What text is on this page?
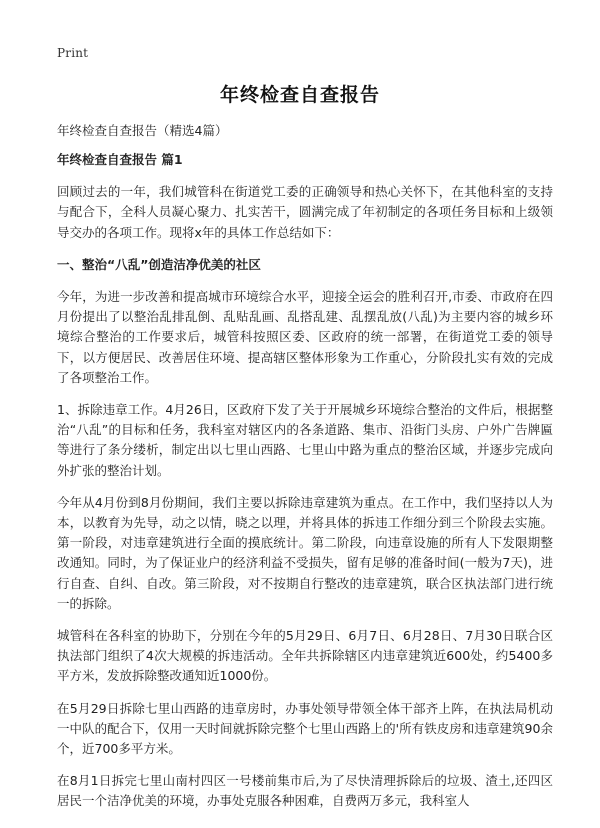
Print
年终检查自查报告
年终检查自查报告（精选4篇）

年终检查自查报告 篇1

回顾过去的一年，我们城管科在街道党工委的正确领导和热心关怀下，在其他科室的支持与配合下，全科人员凝心聚力、扎实苦干，圆满完成了年初制定的各项任务目标和上级领导交办的各项工作。现将x年的具体工作总结如下：

一、整治“八乱”创造洁净优美的社区

今年，为进一步改善和提高城市环境综合水平，迎接全运会的胜利召开,市委、市政府在四月份提出了以整治乱排乱倒、乱贴乱画、乱搭乱建、乱摆乱放(八乱)为主要内容的城乡环境综合整治的工作要求后，城管科按照区委、区政府的统一部署，在街道党工委的领导下，以方便居民、改善居住环境、提高辖区整体形象为工作重心，分阶段扎实有效的完成了各项整治工作。

1、拆除违章工作。4月26日，区政府下发了关于开展城乡环境综合整治的文件后，根据整治“八乱”的目标和任务，我科室对辖区内的各条道路、集市、沿街门头房、户外广告牌匾等进行了条分缕析，制定出以七里山西路、七里山中路为重点的整治区域，并逐步完成向外扩张的整治计划。

今年从4月份到8月份期间，我们主要以拆除违章建筑为重点。在工作中，我们坚持以人为本，以教育为先导，动之以情，晓之以理，并将具体的拆违工作细分到三个阶段去实施。第一阶段，对违章建筑进行全面的摸底统计。第二阶段，向违章设施的所有人下发限期整改通知。同时，为了保证业户的经济利益不受损失，留有足够的准备时间(一般为7天)，进行自查、自纠、自改。第三阶段，对不按期自行整改的违章建筑，联合区执法部门进行统一的拆除。

城管科在各科室的协助下，分别在今年的5月29日、6月7日、6月28日、7月30日联合区执法部门组织了4次大规模的拆违活动。全年共拆除辖区内违章建筑近600处，约5400多平方米，发放拆除整改通知近1000份。

在5月29日拆除七里山西路的违章房时，办事处领导带领全体干部齐上阵，在执法局机动一中队的配合下，仅用一天时间就拆除完整个七里山西路上的'所有铁皮房和违章建筑90余个，近700多平方米。

在8月1日拆完七里山南村四区一号楼前集市后,为了尽快清理拆除后的垃圾、渣土,还四区居民一个洁净优美的环境，办事处克服各种困难，自费两万多元，我科室人
